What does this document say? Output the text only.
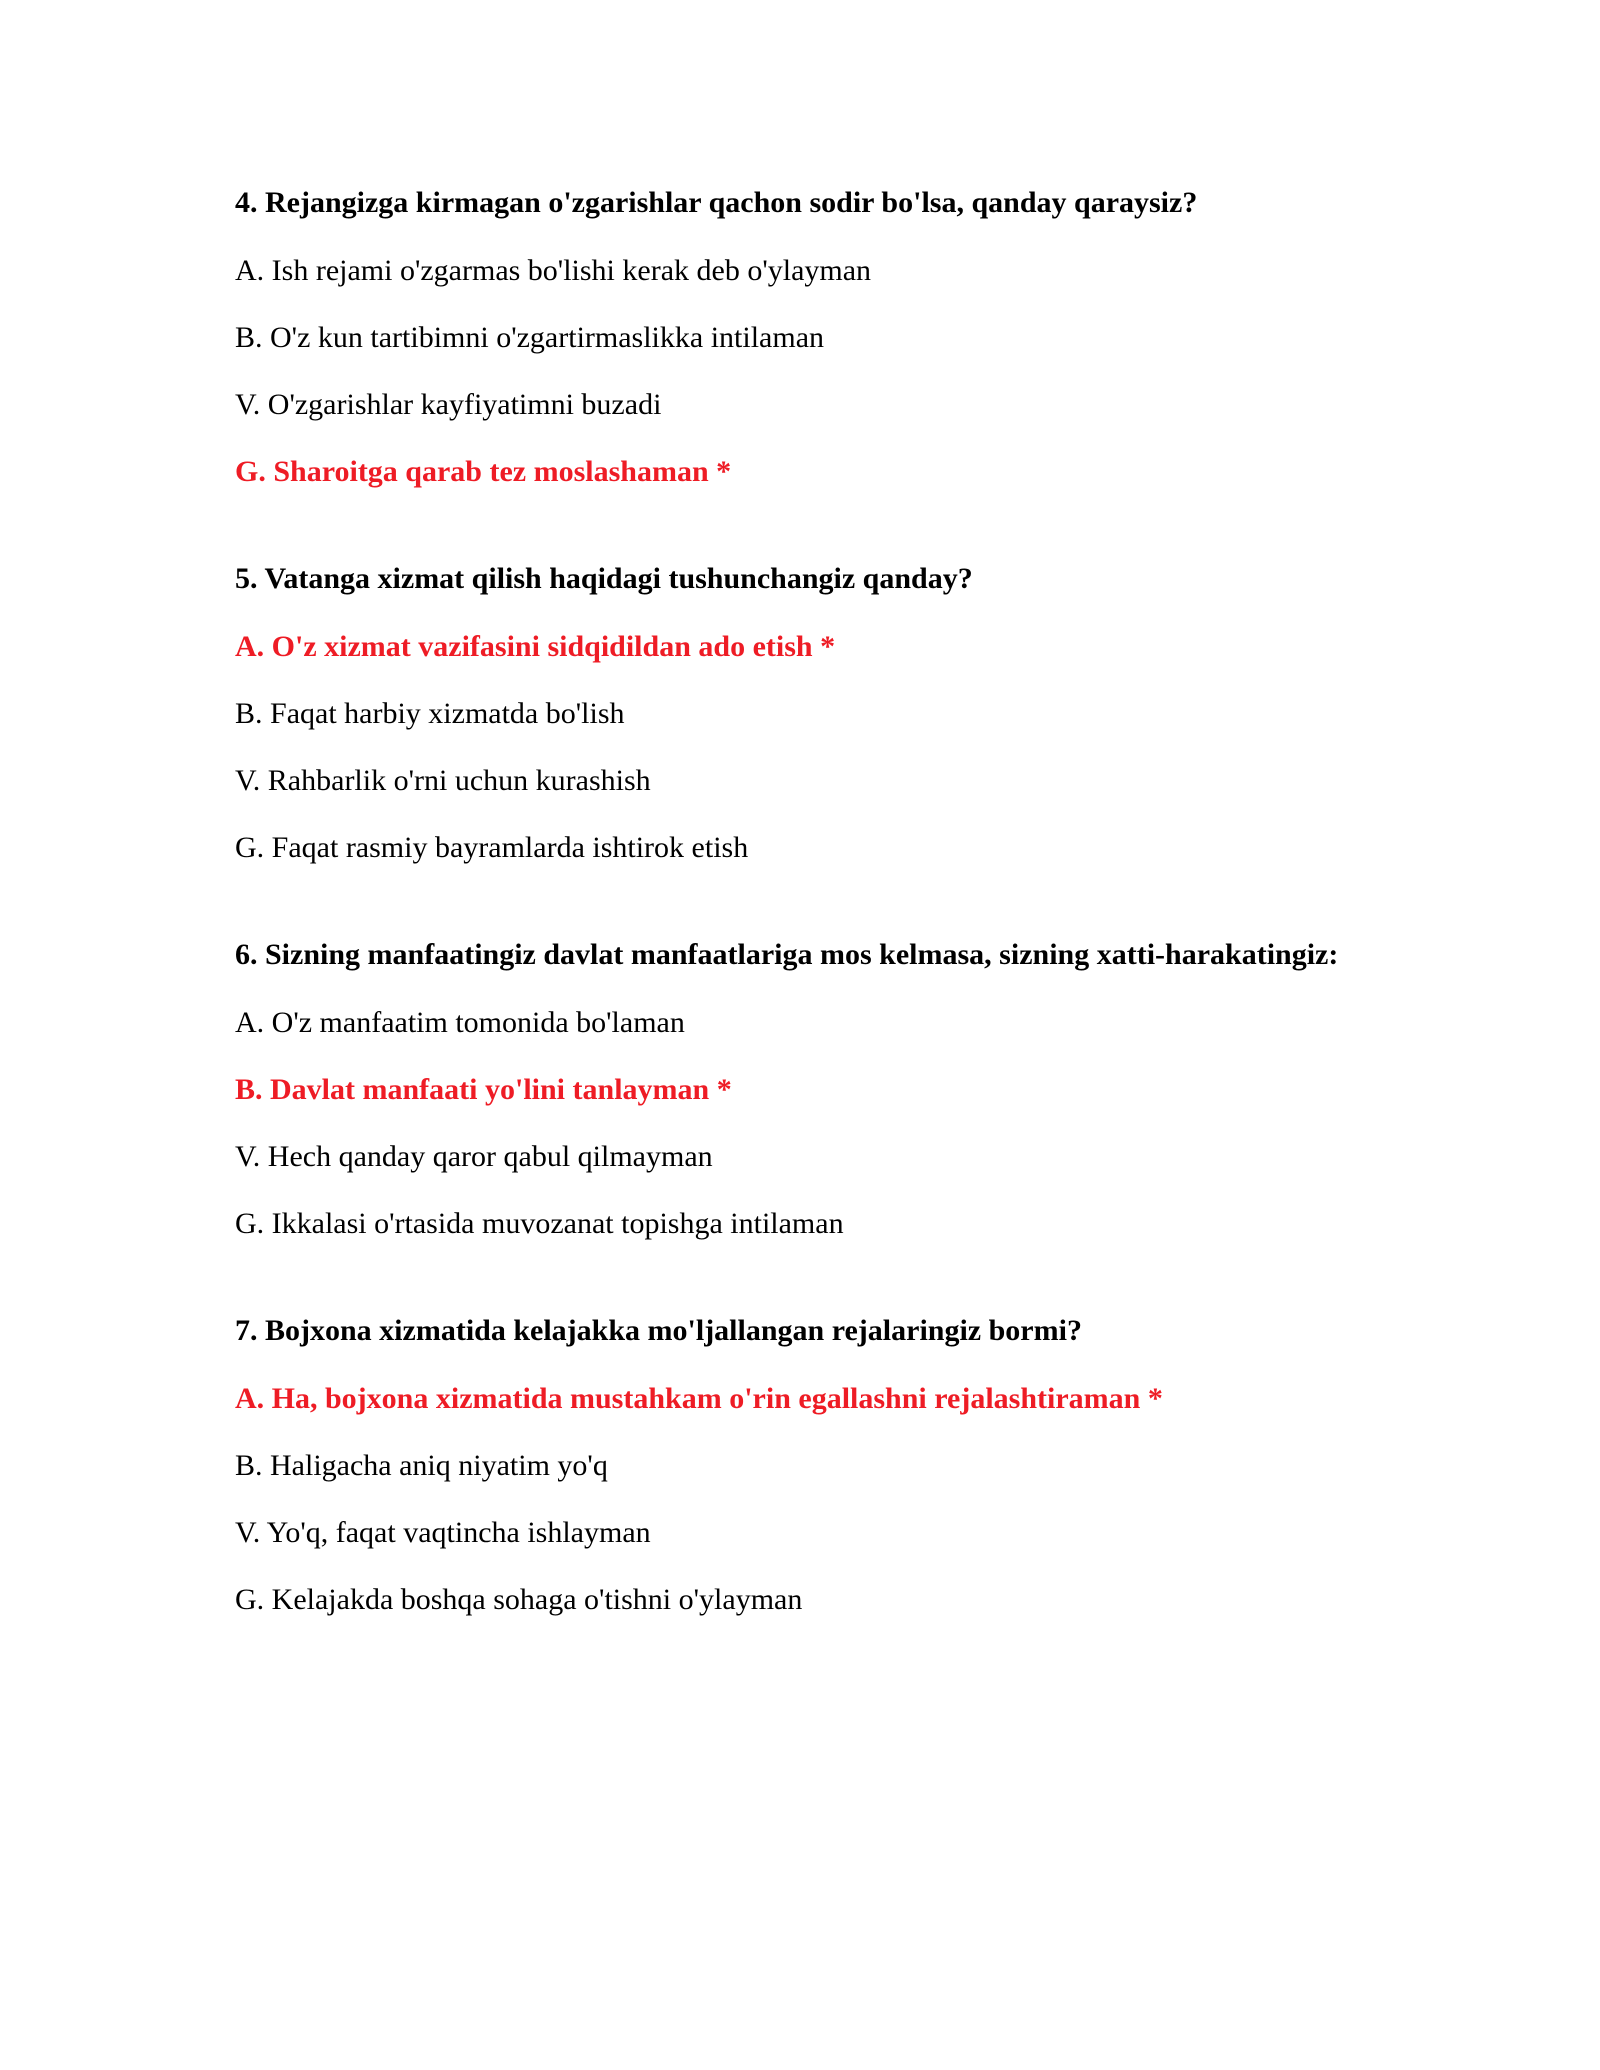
4. Rejangizga kirmagan o'zgarishlar qachon sodir bo'lsa, qanday qaraysiz?
A. Ish rejami o'zgarmas bo'lishi kerak deb o'ylayman
B. O'z kun tartibimni o'zgartirmaslikka intilaman
V. O'zgarishlar kayfiyatimni buzadi
G. Sharoitga qarab tez moslashaman *
5. Vatanga xizmat qilish haqidagi tushunchangiz qanday?
A. O'z xizmat vazifasini sidqidildan ado etish *
B. Faqat harbiy xizmatda bo'lish
V. Rahbarlik o'rni uchun kurashish
G. Faqat rasmiy bayramlarda ishtirok etish
6. Sizning manfaatingiz davlat manfaatlariga mos kelmasa, sizning xatti-harakatingiz:
A. O'z manfaatim tomonida bo'laman
B. Davlat manfaati yo'lini tanlayman *
V. Hech qanday qaror qabul qilmayman
G. Ikkalasi o'rtasida muvozanat topishga intilaman
7. Bojxona xizmatida kelajakka mo'ljallangan rejalaringiz bormi?
A. Ha, bojxona xizmatida mustahkam o'rin egallashni rejalashtiraman *
B. Haligacha aniq niyatim yo'q
V. Yo'q, faqat vaqtincha ishlayman
G. Kelajakda boshqa sohaga o'tishni o'ylayman
